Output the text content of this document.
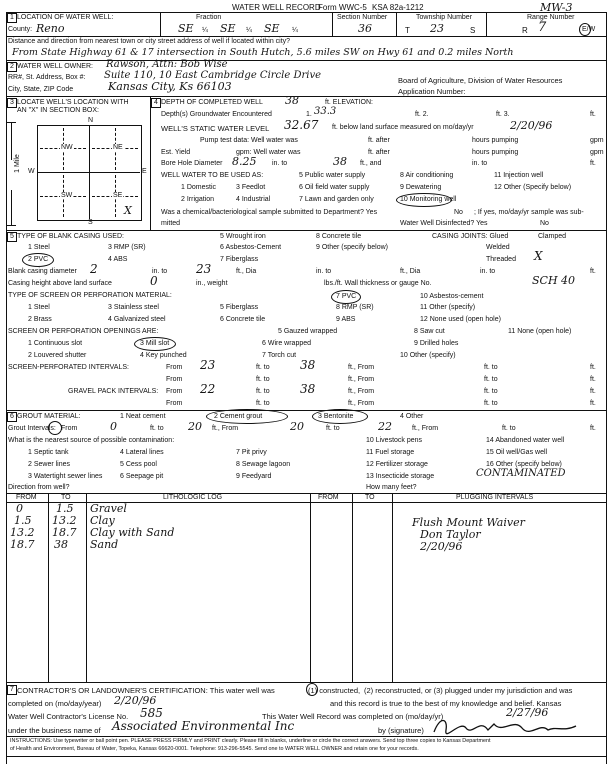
WATER WELL RECORD
Form WWC-5 KSA 82a-1212	MW-3
1 LOCATION OF WATER WELL:
County: Reno
Fraction
SE ¼ SE ¼ SE ¼
Section Number
36
Township Number
T 23	S
Range Number
R 7	E/W
Distance and direction from nearest town or city street address of well if located within city?
From State Highway 61 & 17 intersection in South Hutch, 5.6 miles SW on Hwy 61 and 0.2 miles North
2 WATER WELL OWNER: Rawson, Attn: Bob Wise
RR#, St. Address, Box #: Suite 110, 10 East Cambridge Circle Drive	Board of Agriculture, Division of Water Resources
City, State, ZIP Code	Kansas City, Ks 66103	Application Number:
3 LOCATE WELL'S LOCATION WITH
AN "X" IN SECTION BOX:
N
S
W	E
1 Mile
NW	NE
SW	SE
X
4 DEPTH OF COMPLETED WELL 38	ft. ELEVATION:
Depth(s) Groundwater Encountered	1. 33.3	ft. 2.	ft. 3.	ft.
WELL'S STATIC WATER LEVEL 32.67 ft. below land surface measured on mo/day/yr	2/20/96
Pump test data: Well water was	ft. after	hours pumping	gpm
Est. Yield	gpm: Well water was	ft. after	hours pumping	gpm
Bore Hole Diameter 8.25 in. to	38 ft., and	in. to	ft.
WELL WATER TO BE USED AS:
1 Domestic	3 Feedlot
5 Public water supply	8 Air conditioning	11 Injection well
2 Irrigation	4 Industrial
6 Oil field water supply	9 Dewatering	12 Other (Specify below)
7 Lawn and garden only	10 Monitoring well
Was a chemical/bacteriological sample submitted to Department? Yes	No ; If yes, mo/day/yr sample was sub-
mitted	Water Well Disinfected? Yes	No
5 TYPE OF BLANK CASING USED:
1 Steel	3 RMP (SR)
5 Wrought iron	8 Concrete tile
2 PVC	4 ABS
6 Asbestos-Cement	9 Other (specify below)
7 Fiberglass
CASING JOINTS: Glued	Clamped
Welded
Threaded X
Blank casing diameter 2	in. to 23	ft., Dia	in. to	ft., Dia	in. to	ft.
Casing height above land surface	0	in., weight	lbs./ft. Wall thickness or gauge No.	SCH 40
TYPE OF SCREEN OR PERFORATION MATERIAL:
1 Steel	3 Stainless steel	5 Fiberglass
7 PVC	10 Asbestos-cement
2 Brass	4 Galvanized steel	6 Concrete tile
8 RMP (SR)	11 Other (specify)
9 ABS	12 None used (open hole)
SCREEN OR PERFORATION OPENINGS ARE:	5 Gauzed wrapped	8 Saw cut	11 None (open hole)
1 Continuous slot	3 Mill slot	6 Wire wrapped	9 Drilled holes
2 Louvered shutter	4 Key punched	7 Torch cut	10 Other (specify)
SCREEN-PERFORATED INTERVALS:	From 23	ft. to	38	ft., From	ft. to	ft.
From	ft. to	ft., From	ft. to	ft.
GRAVEL PACK INTERVALS: From 22	ft. to	38	ft., From	ft. to	ft.
From	ft. to	ft., From	ft. to	ft.
6 GROUT MATERIAL:	1 Neat cement	2 Cement grout	3 Bentonite	4 Other
Grout Intervals: From	0	ft. to 20 ft., From	20	ft. to	22	ft., From	ft. to	ft.
What is the nearest source of possible contamination:
1 Septic tank	4 Lateral lines	7 Pit privy
10 Livestock pens	14 Abandoned water well
2 Sewer lines	5 Cess pool	8 Sewage lagoon
11 Fuel storage	15 Oil well/Gas well
3 Watertight sewer lines	6 Seepage pit	9 Feedyard
12 Fertilizer storage	16 Other (specify below)
13 Insecticide storage	CONTAMINATED
Direction from well?	How many feet?
FROM	TO	LITHOLOGIC LOG	FROM	TO	PLUGGING INTERVALS
0	1.5 Gravel
1.5 13.2 Clay
13.2 18.7 Clay with Sand
18.7 38 Sand
Flush Mount Waiver
Don Taylor
2/20/96
7 CONTRACTOR'S OR LANDOWNER'S CERTIFICATION: This water well was	(1) constructed, (2) reconstructed, or (3) plugged under my jurisdiction and was
completed on (mo/day/year) 2/20/96	and this record is true to the best of my knowledge and belief. Kansas
Water Well Contractor's License No. 585	This Water Well Record was completed on (mo/day/yr)	2/27/96
under the business name of Associated Environmental Inc	by (signature)
INSTRUCTIONS: Use typewriter or ball point pen. PLEASE PRESS FIRMLY and PRINT clearly. Please fill in blanks, underline or circle the correct answers. Send top three copies to Kansas Department
of Health and Environment, Bureau of Water, Topeka, Kansas 66620-0001. Telephone: 913-296-5545. Send one to WATER WELL OWNER and retain one for your records.
